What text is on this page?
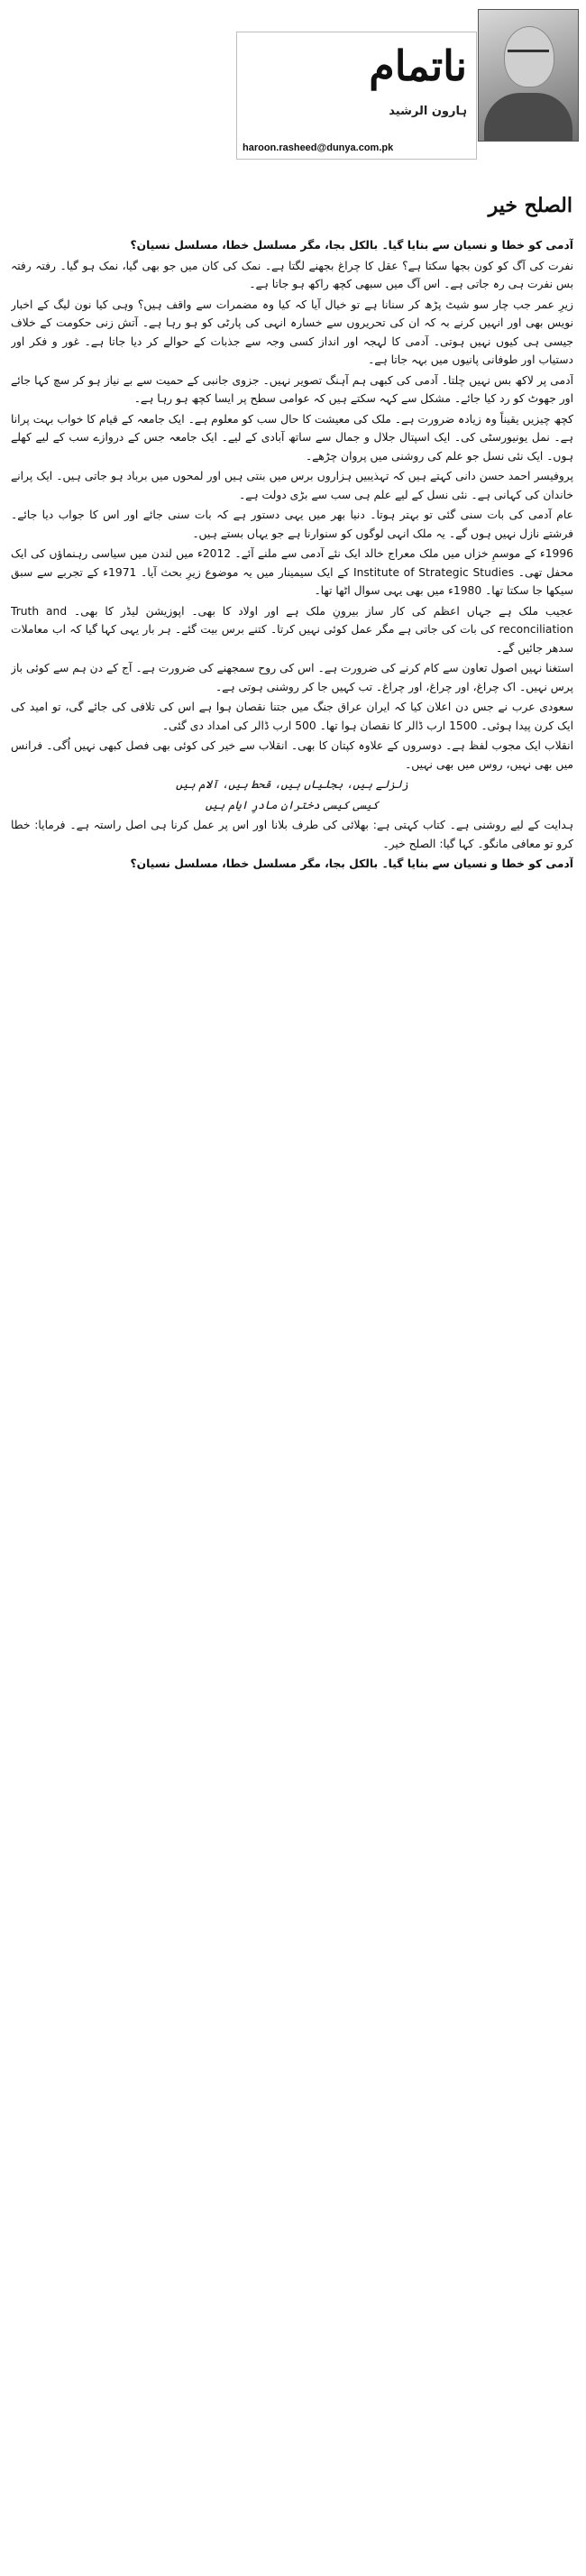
ناتمام
ہارون الرشید
haroon.rasheed@dunya.com.pk
الصلح خیر

آدمی کو خطا و نسیان سے بنایا گیا۔ بالکل بجا، مگر مسلسل خطا، مسلسل نسیان؟

نفرت کی آگ کو کون بجھا سکتا ہے؟ عقل کا چراغ بجھنے لگتا ہے۔ نمک کی کان میں جو بھی گیا، نمک ہو گیا۔ رفتہ رفتہ بس نفرت ہی رہ جاتی ہے۔ اس آگ میں سبھی کچھ راکھ ہو جاتا ہے۔

زیرِ عمر جب چار سو شیٹ پڑھ کر سنانا ہے تو خیال آیا کہ کیا وہ مضمرات سے واقف ہیں؟ وہی کیا نون لیگ کے اخبار نویس بھی اور انہیں کرنے بہ کہ ان کی تحریروں سے خسارہ انہی کی پارٹی کو ہو رہا ہے۔ آتش زنی حکومت کے خلاف جیسی ہی کیوں نہیں ہوتی۔ آدمی کا لہجہ اور انداز کسی وجہ سے جذبات کے حوالے کر دیا جاتا ہے۔ غور و فکر اور دستیاب اور طوفانی پانیوں میں بہہ جاتا ہے۔

آدمی پر لاکھ بس نہیں چلتا۔ آدمی کی کبھی ہم آہنگ تصویر نہیں۔ جزوی جانبی کے حمیت سے بے نیاز ہو کر سچ کہا جائے اور جھوٹ کو رد کیا جائے۔ مشکل سے کہہ سکتے ہیں کہ عوامی سطح پر ایسا کچھ ہو رہا ہے۔

کچھ چیزیں یقیناً وہ زیادہ ضرورت ہے۔ ملک کی معیشت کا حال سب کو معلوم ہے۔ ایک جامعہ کے قیام کا خواب بہت پرانا ہے۔ نمل یونیورسٹی کی۔ ایک اسپتال جلال و جمال سے ساتھ آبادی کے لیے۔ ایک جامعہ جس کے دروازے سب کے لیے کھلے ہوں۔ ایک نئی نسل جو علم کی روشنی میں پروان چڑھے۔

پروفیسر احمد حسن دانی کہتے ہیں کہ تہذیبیں ہزاروں برس میں بنتی ہیں اور لمحوں میں برباد ہو جاتی ہیں۔ ایک پرانے خاندان کی کہانی ہے۔ نئی نسل کے لیے علم ہی سب سے بڑی دولت ہے۔

عام آدمی کی بات سنی گئی تو بہتر ہوتا۔ دنیا بھر میں یہی دستور ہے کہ بات سنی جائے اور اس کا جواب دیا جائے۔ فرشتے نازل نہیں ہوں گے۔ یہ ملک انہی لوگوں کو سنوارنا ہے جو یہاں بستے ہیں۔

1996ء کے موسمِ خزاں میں ملک معراج خالد ایک نئے آدمی سے ملنے آئے۔ 2012ء میں لندن میں سیاسی رہنماؤں کی ایک محفل تھی۔ Institute of Strategic Studies کے ایک سیمینار میں یہ موضوع زیرِ بحث آیا۔ 1971ء کے تجربے سے سبق سیکھا جا سکتا تھا۔ 1980ء میں بھی یہی سوال اٹھا تھا۔

عجیب ملک ہے جہاں اعظم کی کار ساز بیرونِ ملک ہے اور اولاد کا بھی۔ اپوزیشن لیڈر کا بھی۔ Truth and reconciliation کی بات کی جاتی ہے مگر عمل کوئی نہیں کرتا۔ کتنے برس بیت گئے۔ ہر بار یہی کہا گیا کہ اب معاملات سدھر جائیں گے۔

استغنا نہیں اصول تعاون سے کام کرنے کی ضرورت ہے۔ اس کی روح سمجھنے کی ضرورت ہے۔ آج کے دن ہم سے کوئی باز پرس نہیں۔ اک چراغ، اور چراغ، اور چراغ۔ تب کہیں جا کر روشنی ہوتی ہے۔

سعودی عرب نے جس دن اعلان کیا کہ ایران عراق جنگ میں جتنا نقصان ہوا ہے اس کی تلافی کی جائے گی، تو امید کی ایک کرن پیدا ہوئی۔ 1500 ارب ڈالر کا نقصان ہوا تھا۔ 500 ارب ڈالر کی امداد دی گئی۔

انقلاب ایک مجوب لفظ ہے۔ دوسروں کے علاوہ کپتان کا بھی۔ انقلاب سے خیر کی کوئی بھی فصل کبھی نہیں اُگی۔ فرانس میں بھی نہیں، روس میں بھی نہیں۔

زلزلے ہیں، بجلیاں ہیں، قحط ہیں، آلام ہیں

کیسی کیسی دخترانِ مادرِ ایام ہیں

ہدایت کے لیے روشنی ہے۔ کتاب کہتی ہے: بھلائی کی طرف بلانا اور اس پر عمل کرنا ہی اصل راستہ ہے۔ فرمایا: خطا کرو تو معافی مانگو۔ کہا گیا: الصلح خیر۔

آدمی کو خطا و نسیان سے بنایا گیا۔ بالکل بجا، مگر مسلسل خطا، مسلسل نسیان؟
